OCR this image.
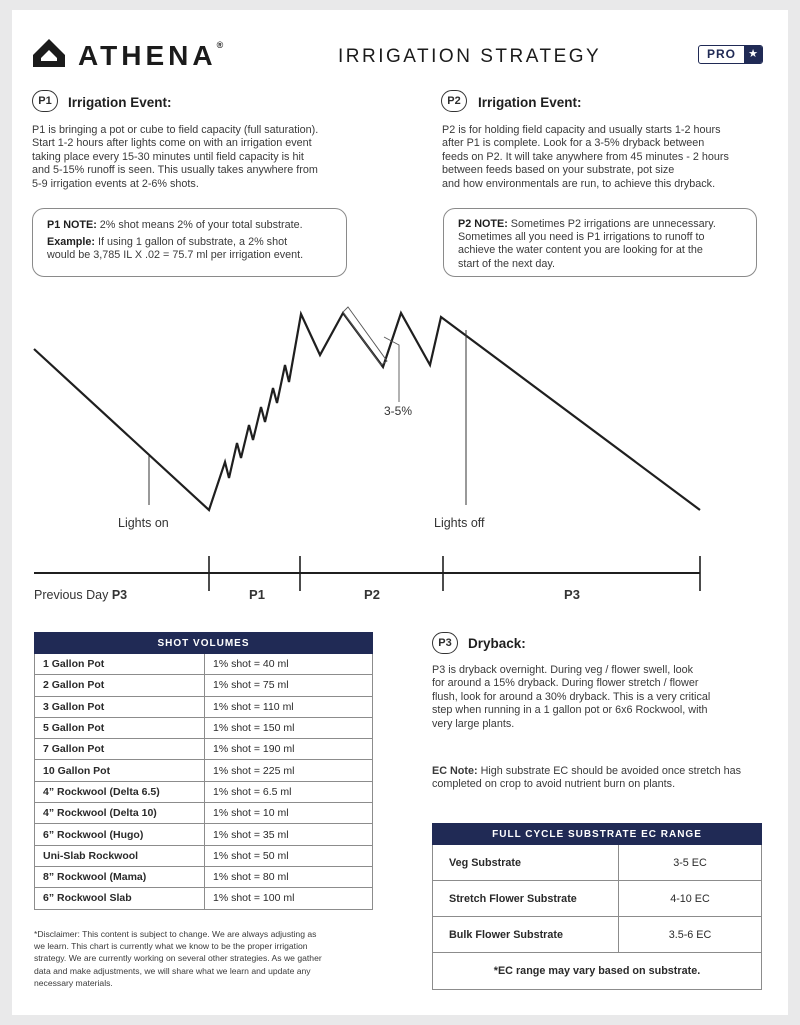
ATHENA®
IRRIGATION STRATEGY	PRO	★
P1	Irrigation Event:
P1 is bringing a pot or cube to field capacity (full saturation).
Start 1-2 hours after lights come on with an irrigation event
taking place every 15-30 minutes until field capacity is hit
and 5-15% runoff is seen. This usually takes anywhere from
5-9 irrigation events at 2-6% shots.
P1 NOTE: 2% shot means 2% of your total substrate.
Example: If using 1 gallon of substrate, a 2% shot
would be 3,785 IL X .02 = 75.7 ml per irrigation event.
P2	Irrigation Event:
P2 is for holding field capacity and usually starts 1-2 hours
after P1 is complete. Look for a 3-5% dryback between
feeds on P2. It will take anywhere from 45 minutes - 2 hours
between feeds based on your substrate, pot size
and how environmentals are run, to achieve this dryback.
P2 NOTE: Sometimes P2 irrigations are unnecessary.
Sometimes all you need is P1 irrigations to runoff to
achieve the water content you are looking for at the
start of the next day.
3-5%
Lights on	Lights off
Previous Day P3	P1	P2	P3
SHOT VOLUMES	
1 Gallon Pot	1% shot = 40 ml
2 Gallon Pot	1% shot = 75 ml
3 Gallon Pot	1% shot = 110 ml
5 Gallon Pot	1% shot = 150 ml
7 Gallon Pot	1% shot = 190 ml
10 Gallon Pot	1% shot = 225 ml
4” Rockwool (Delta 6.5)	1% shot = 6.5 ml
4” Rockwool (Delta 10)	1% shot = 10 ml
6” Rockwool (Hugo)	1% shot = 35 ml
Uni-Slab Rockwool	1% shot = 50 ml
8” Rockwool (Mama)	1% shot = 80 ml
6” Rockwool Slab	1% shot = 100 ml
P3	Dryback:
P3 is dryback overnight. During veg / flower swell, look
for around a 15% dryback. During flower stretch / flower
flush, look for around a 30% dryback. This is a very critical
step when running in a 1 gallon pot or 6x6 Rockwool, with
very large plants.
EC Note: High substrate EC should be avoided once stretch has
completed on crop to avoid nutrient burn on plants.
FULL CYCLE SUBSTRATE EC RANGE	
Veg Substrate	3-5 EC
Stretch Flower Substrate	4-10 EC
Bulk Flower Substrate	3.5-6 EC
*EC range may vary based on substrate.	
*Disclaimer: This content is subject to change. We are always adjusting as
we learn. This chart is currently what we know to be the proper irrigation
strategy. We are currently working on several other strategies. As we gather
data and make adjustments, we will share what we learn and update any
necessary materials.
